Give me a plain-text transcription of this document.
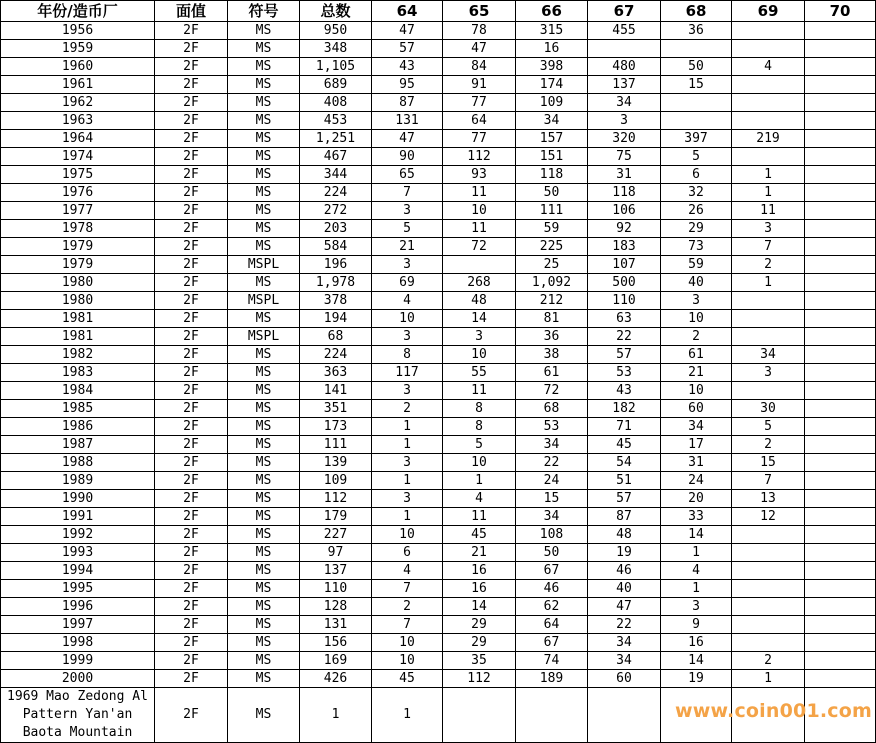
年份/造币厂	面值	符号	总数	64	65	66	67	68	69	70
1956	2F	MS	950	47	78	315	455	36		
1959	2F	MS	348	57	47	16				
1960	2F	MS	1,105	43	84	398	480	50	4	
1961	2F	MS	689	95	91	174	137	15		
1962	2F	MS	408	87	77	109	34			
1963	2F	MS	453	131	64	34	3			
1964	2F	MS	1,251	47	77	157	320	397	219	
1974	2F	MS	467	90	112	151	75	5		
1975	2F	MS	344	65	93	118	31	6	1	
1976	2F	MS	224	7	11	50	118	32	1	
1977	2F	MS	272	3	10	111	106	26	11	
1978	2F	MS	203	5	11	59	92	29	3	
1979	2F	MS	584	21	72	225	183	73	7	
1979	2F	MSPL	196	3		25	107	59	2	
1980	2F	MS	1,978	69	268	1,092	500	40	1	
1980	2F	MSPL	378	4	48	212	110	3		
1981	2F	MS	194	10	14	81	63	10		
1981	2F	MSPL	68	3	3	36	22	2		
1982	2F	MS	224	8	10	38	57	61	34	
1983	2F	MS	363	117	55	61	53	21	3	
1984	2F	MS	141	3	11	72	43	10		
1985	2F	MS	351	2	8	68	182	60	30	
1986	2F	MS	173	1	8	53	71	34	5	
1987	2F	MS	111	1	5	34	45	17	2	
1988	2F	MS	139	3	10	22	54	31	15	
1989	2F	MS	109	1	1	24	51	24	7	
1990	2F	MS	112	3	4	15	57	20	13	
1991	2F	MS	179	1	11	34	87	33	12	
1992	2F	MS	227	10	45	108	48	14		
1993	2F	MS	97	6	21	50	19	1		
1994	2F	MS	137	4	16	67	46	4		
1995	2F	MS	110	7	16	46	40	1		
1996	2F	MS	128	2	14	62	47	3		
1997	2F	MS	131	7	29	64	22	9		
1998	2F	MS	156	10	29	67	34	16		
1999	2F	MS	169	10	35	74	34	14	2	
2000	2F	MS	426	45	112	189	60	19	1	
1969 Mao Zedong Al Pattern Yan'an Baota Mountain	2F	MS	1	1							www.coin001.com
